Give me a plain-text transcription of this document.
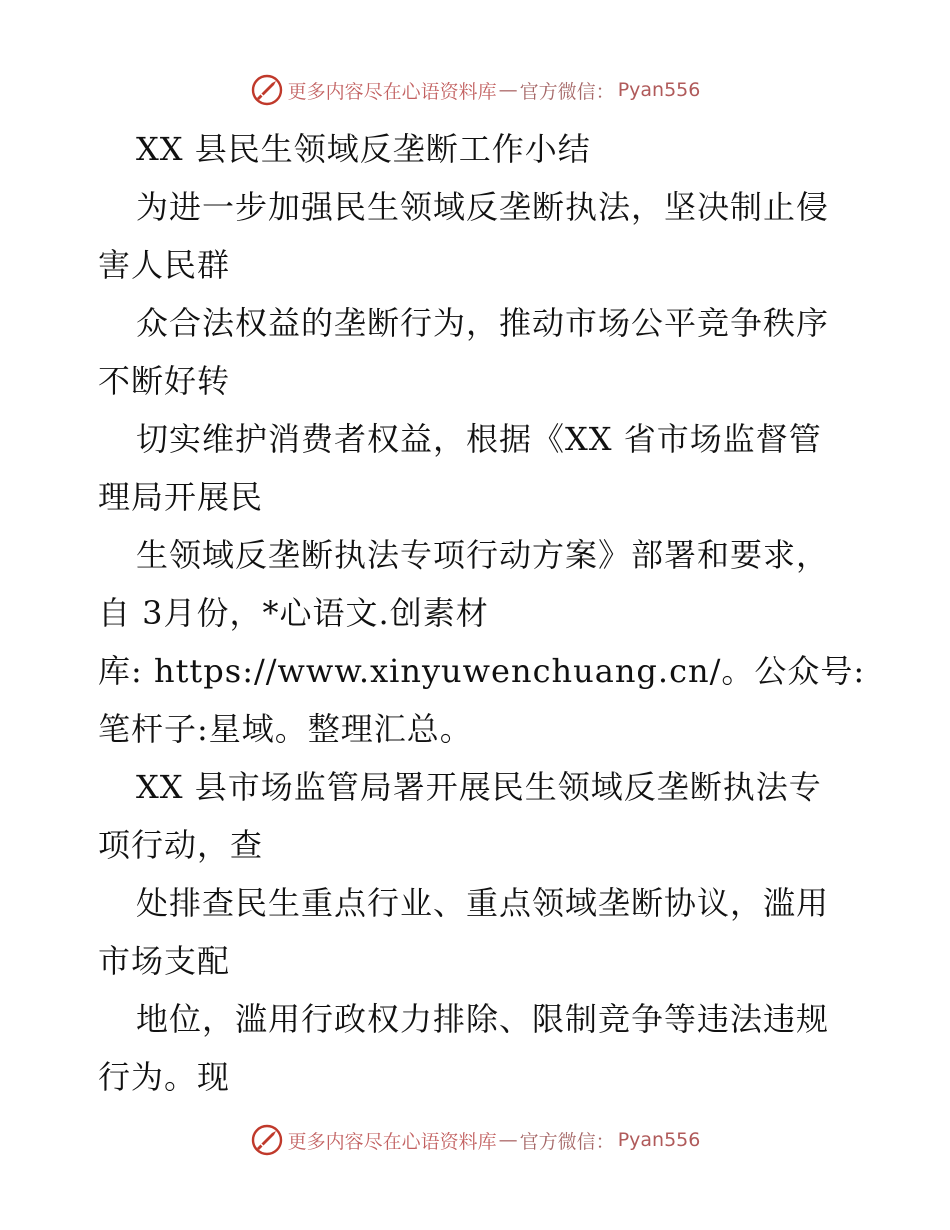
更多内容尽在心语资料库 — 官方微信： Pyan556
XX 县民生领域反垄断工作小结
为进一步加强民生领域反垄断执法，坚决制止侵
害人民群
众合法权益的垄断行为，推动市场公平竞争秩序
不断好转
切实维护消费者权益，根据《XX 省市场监督管
理局开展民
生领域反垄断执法专项行动方案》部署和要求，
自 3月份，*心语文.创素材
库: https://www.xinyuwenchuang.cn/。公众号:
笔杆子:星域。整理汇总。
XX 县市场监管局署开展民生领域反垄断执法专
项行动，查
处排查民生重点行业、重点领域垄断协议，滥用
市场支配
地位，滥用行政权力排除、限制竞争等违法违规
行为。现
更多内容尽在心语资料库 — 官方微信： Pyan556
